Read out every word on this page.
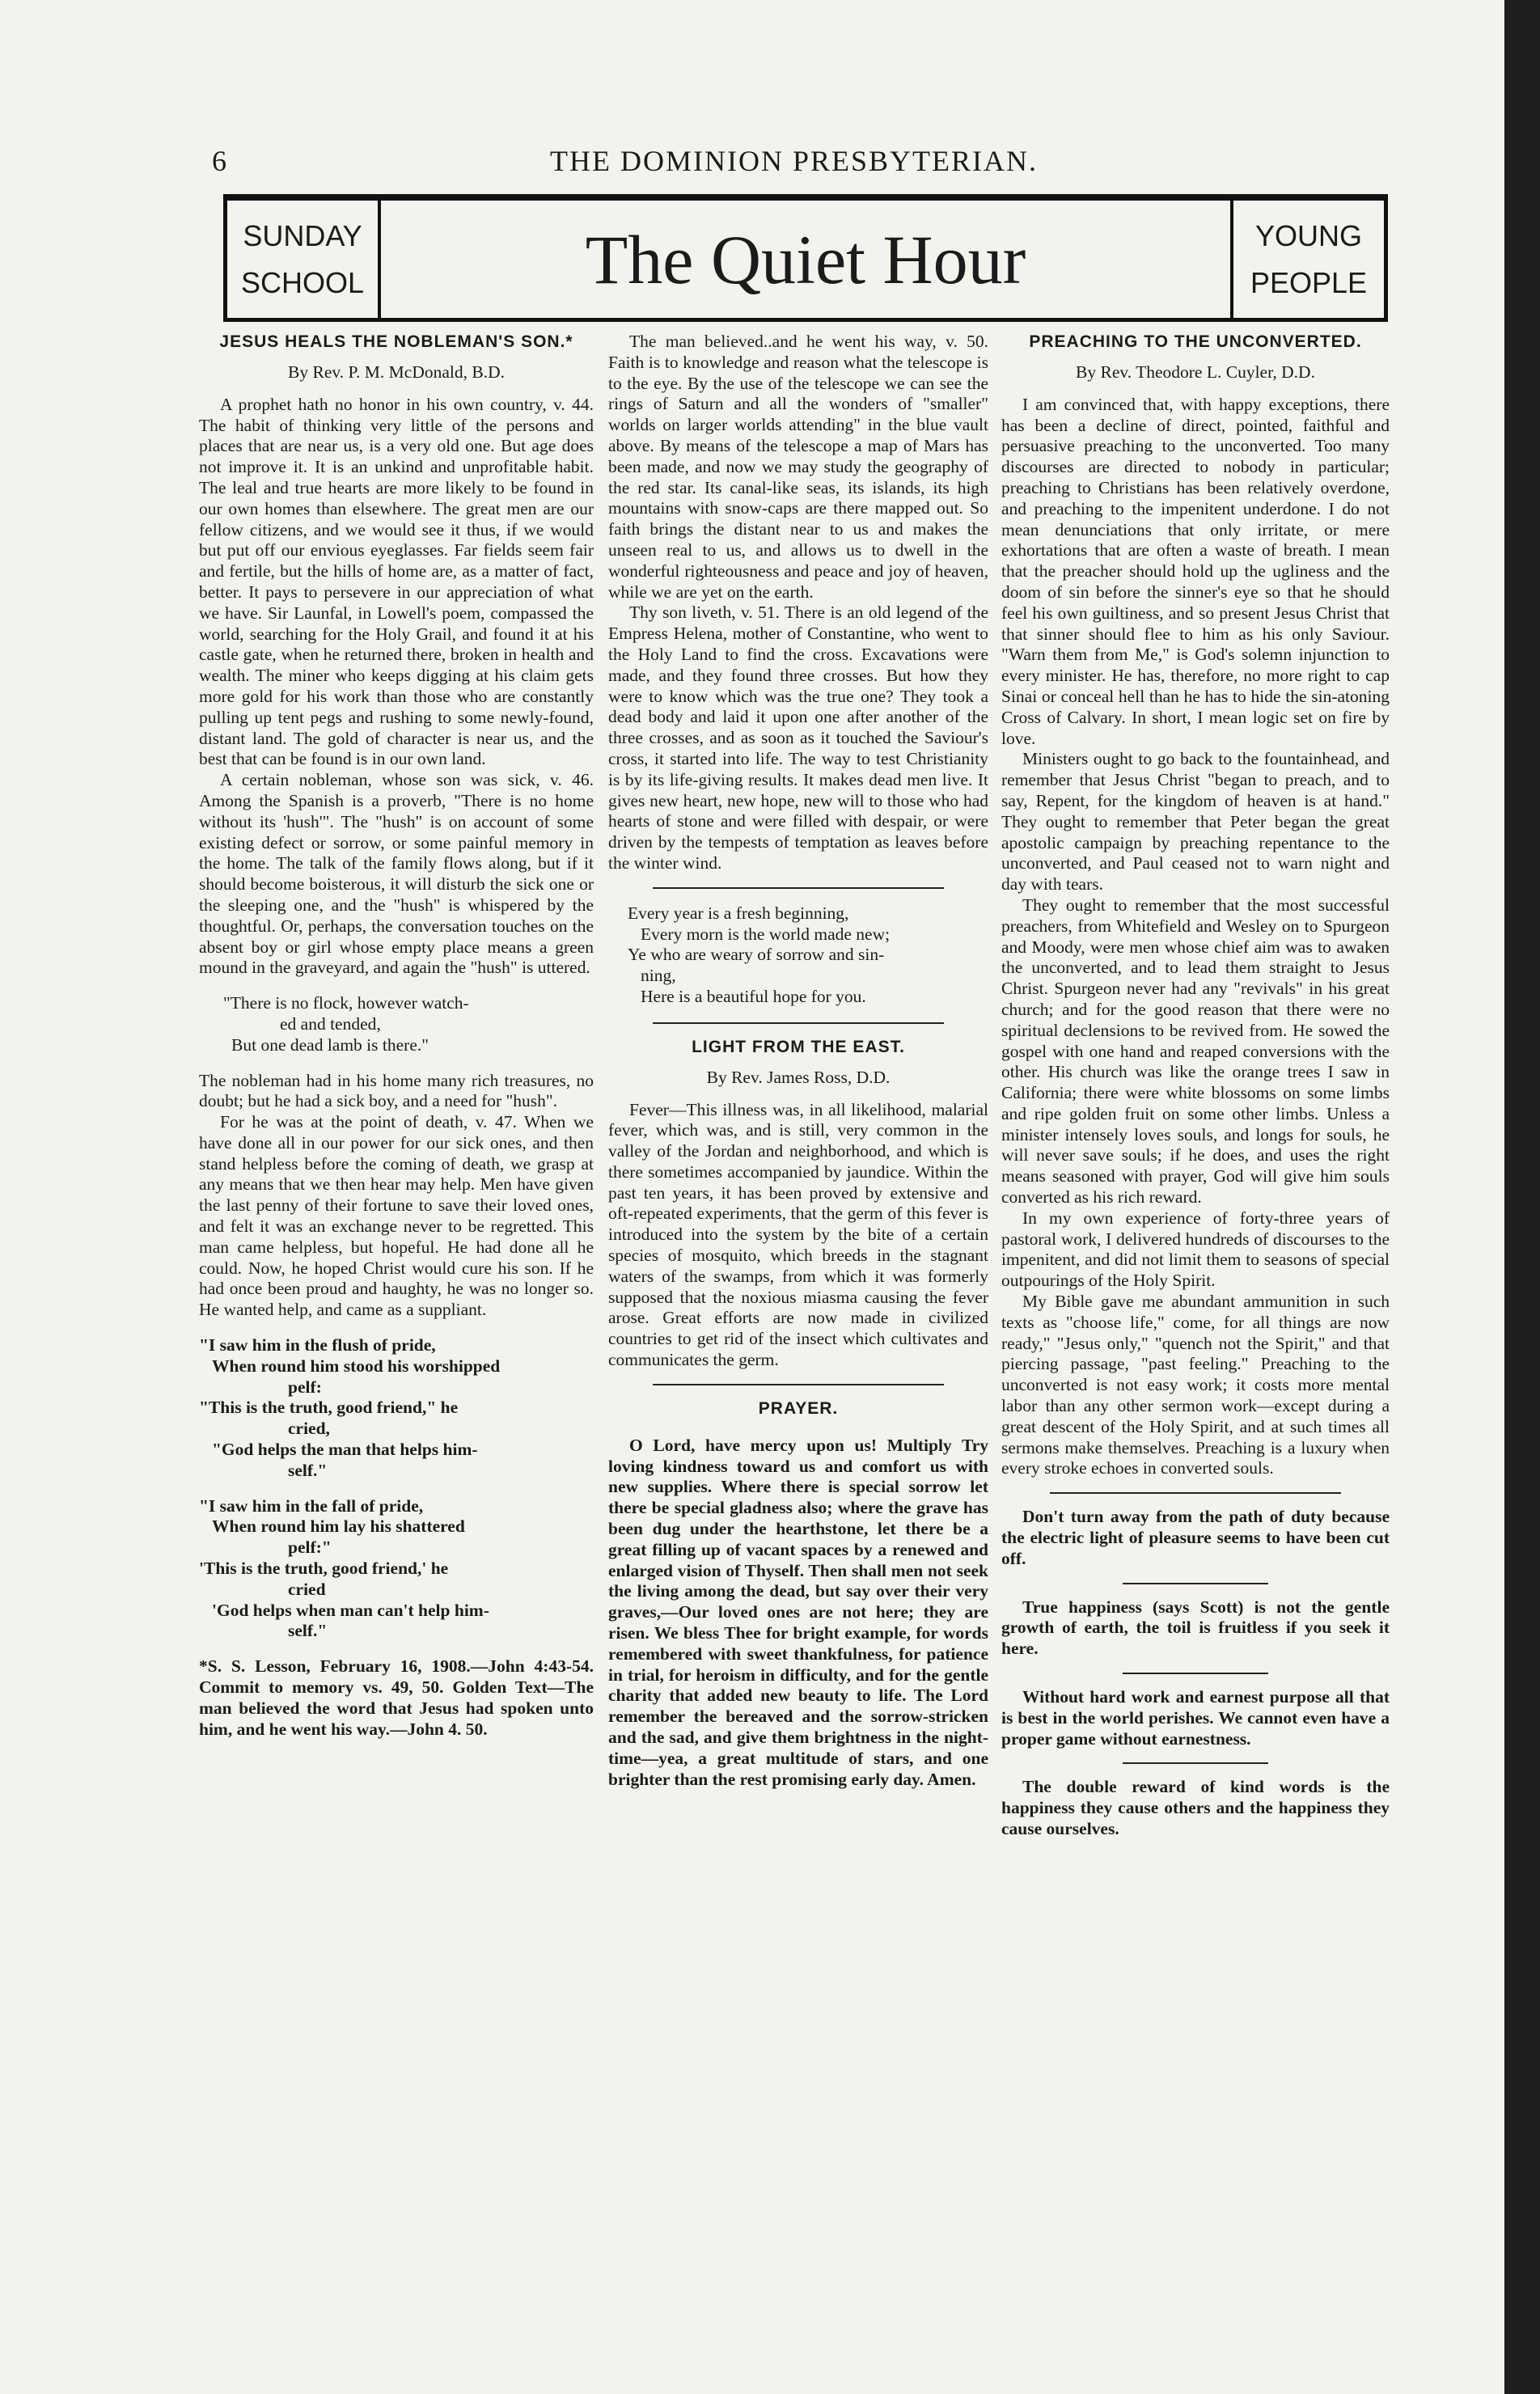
6	THE DOMINION PRESBYTERIAN.
SUNDAY
SCHOOL	The Quiet Hour	YOUNG
PEOPLE
JESUS HEALS THE NOBLEMAN'S SON.*
By Rev. P. M. McDonald, B.D.

A prophet hath no honor in his own country, v. 44. The habit of thinking very little of the persons and places that are near us, is a very old one. But age does not improve it. It is an unkind and unprofitable habit. The leal and true hearts are more likely to be found in our own homes than elsewhere. The great men are our fellow citizens, and we would see it thus, if we would but put off our envious eyeglasses. Far fields seem fair and fertile, but the hills of home are, as a matter of fact, better. It pays to persevere in our appreciation of what we have. Sir Launfal, in Lowell's poem, compassed the world, searching for the Holy Grail, and found it at his castle gate, when he returned there, broken in health and wealth. The miner who keeps digging at his claim gets more gold for his work than those who are constantly pulling up tent pegs and rushing to some newly-found, distant land. The gold of character is near us, and the best that can be found is in our own land.

A certain nobleman, whose son was sick, v. 46. Among the Spanish is a proverb, "There is no home without its 'hush'". The "hush" is on account of some existing defect or sorrow, or some painful memory in the home. The talk of the family flows along, but if it should become boisterous, it will disturb the sick one or the sleeping one, and the "hush" is whispered by the thoughtful. Or, perhaps, the conversation touches on the absent boy or girl whose empty place means a green mound in the graveyard, and again the "hush" is uttered.

"There is no flock, however watch-
ed and tended,
But one dead lamb is there."

The nobleman had in his home many rich treasures, no doubt; but he had a sick boy, and a need for "hush".

For he was at the point of death, v. 47. When we have done all in our power for our sick ones, and then stand helpless before the coming of death, we grasp at any means that we then hear may help. Men have given the last penny of their fortune to save their loved ones, and felt it was an exchange never to be regretted. This man came helpless, but hopeful. He had done all he could. Now, he hoped Christ would cure his son. If he had once been proud and haughty, he was no longer so. He wanted help, and came as a suppliant.

"I saw him in the flush of pride,
When round him stood his worshipped
pelf:
"This is the truth, good friend," he
cried,
"God helps the man that helps him-
self."
"I saw him in the fall of pride,
When round him lay his shattered
pelf:"
'This is the truth, good friend,' he
cried
'God helps when man can't help him-
self."

*S. S. Lesson, February 16, 1908.—John 4:43-54. Commit to memory vs. 49, 50. Golden Text—The man believed the word that Jesus had spoken unto him, and he went his way.—John 4. 50.

The man believed..and he went his way, v. 50. Faith is to knowledge and reason what the telescope is to the eye. By the use of the telescope we can see the rings of Saturn and all the wonders of "smaller" worlds on larger worlds attending" in the blue vault above. By means of the telescope a map of Mars has been made, and now we may study the geography of the red star. Its canal-like seas, its islands, its high mountains with snow-caps are there mapped out. So faith brings the distant near to us and makes the unseen real to us, and allows us to dwell in the wonderful righteousness and peace and joy of heaven, while we are yet on the earth.

Thy son liveth, v. 51. There is an old legend of the Empress Helena, mother of Constantine, who went to the Holy Land to find the cross. Excavations were made, and they found three crosses. But how they were to know which was the true one? They took a dead body and laid it upon one after another of the three crosses, and as soon as it touched the Saviour's cross, it started into life. The way to test Christianity is by its life-giving results. It makes dead men live. It gives new heart, new hope, new will to those who had hearts of stone and were filled with despair, or were driven by the tempests of temptation as leaves before the winter wind.

Every year is a fresh beginning,
Every morn is the world made new;
Ye who are weary of sorrow and sin-
ning,
Here is a beautiful hope for you.
LIGHT FROM THE EAST.
By Rev. James Ross, D.D.

Fever—This illness was, in all likelihood, malarial fever, which was, and is still, very common in the valley of the Jordan and neighborhood, and which is there sometimes accompanied by jaundice. Within the past ten years, it has been proved by extensive and oft-repeated experiments, that the germ of this fever is introduced into the system by the bite of a certain species of mosquito, which breeds in the stagnant waters of the swamps, from which it was formerly supposed that the noxious miasma causing the fever arose. Great efforts are now made in civilized countries to get rid of the insect which cultivates and communicates the germ.

PRAYER.

O Lord, have mercy upon us! Multiply Try loving kindness toward us and comfort us with new supplies. Where there is special sorrow let there be special gladness also; where the grave has been dug under the hearthstone, let there be a great filling up of vacant spaces by a renewed and enlarged vision of Thyself. Then shall men not seek the living among the dead, but say over their very graves,—Our loved ones are not here; they are risen. We bless Thee for bright example, for words remembered with sweet thankfulness, for patience in trial, for heroism in difficulty, and for the gentle charity that added new beauty to life. The Lord remember the bereaved and the sorrow-stricken and the sad, and give them brightness in the night-time—yea, a great multitude of stars, and one brighter than the rest promising early day. Amen.

PREACHING TO THE UNCONVERTED.
By Rev. Theodore L. Cuyler, D.D.

I am convinced that, with happy exceptions, there has been a decline of direct, pointed, faithful and persuasive preaching to the unconverted. Too many discourses are directed to nobody in particular; preaching to Christians has been relatively overdone, and preaching to the impenitent underdone. I do not mean denunciations that only irritate, or mere exhortations that are often a waste of breath. I mean that the preacher should hold up the ugliness and the doom of sin before the sinner's eye so that he should feel his own guiltiness, and so present Jesus Christ that that sinner should flee to him as his only Saviour. "Warn them from Me," is God's solemn injunction to every minister. He has, therefore, no more right to cap Sinai or conceal hell than he has to hide the sin-atoning Cross of Calvary. In short, I mean logic set on fire by love.

Ministers ought to go back to the fountainhead, and remember that Jesus Christ "began to preach, and to say, Repent, for the kingdom of heaven is at hand." They ought to remember that Peter began the great apostolic campaign by preaching repentance to the unconverted, and Paul ceased not to warn night and day with tears.

They ought to remember that the most successful preachers, from Whitefield and Wesley on to Spurgeon and Moody, were men whose chief aim was to awaken the unconverted, and to lead them straight to Jesus Christ. Spurgeon never had any "revivals" in his great church; and for the good reason that there were no spiritual declensions to be revived from. He sowed the gospel with one hand and reaped conversions with the other. His church was like the orange trees I saw in California; there were white blossoms on some limbs and ripe golden fruit on some other limbs. Unless a minister intensely loves souls, and longs for souls, he will never save souls; if he does, and uses the right means seasoned with prayer, God will give him souls converted as his rich reward.

In my own experience of forty-three years of pastoral work, I delivered hundreds of discourses to the impenitent, and did not limit them to seasons of special outpourings of the Holy Spirit.

My Bible gave me abundant ammunition in such texts as "choose life," come, for all things are now ready," "Jesus only," "quench not the Spirit," and that piercing passage, "past feeling." Preaching to the unconverted is not easy work; it costs more mental labor than any other sermon work—except during a great descent of the Holy Spirit, and at such times all sermons make themselves. Preaching is a luxury when every stroke echoes in converted souls.

Don't turn away from the path of duty because the electric light of pleasure seems to have been cut off.

True happiness (says Scott) is not the gentle growth of earth, the toil is fruitless if you seek it here.

Without hard work and earnest purpose all that is best in the world perishes. We cannot even have a proper game without earnestness.

The double reward of kind words is the happiness they cause others and the happiness they cause ourselves.
